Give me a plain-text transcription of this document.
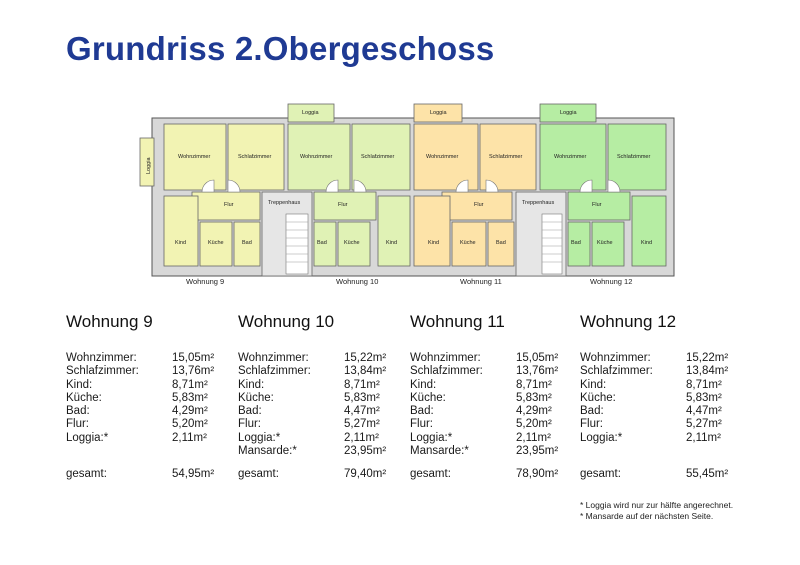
Grundriss 2.Obergeschoss
Wohnzimmer	Schlafzimmer
Flur
Kind	Küche	Bad
Loggia
Treppenhaus
Loggia
Wohnzimmer	Schlafzimmer
Flur
Bad	Küche	Kind
Loggia
Wohnzimmer	Schlafzimmer
Flur
Kind	Küche	Bad
Treppenhaus
Loggia
Wohnzimmer	Schlafzimmer
Flur
Bad	Küche	Kind
Wohnung 9	Wohnung 10	Wohnung 11	Wohnung 12
Wohnung 9
Wohnzimmer:	15,05m²
Schlafzimmer:	13,76m²
Kind:	8,71m²
Küche:	5,83m²
Bad:	4,29m²
Flur:	5,20m²
Loggia:*	2,11m²
gesamt:	54,95m²
Wohnung 10
Wohnzimmer:	15,22m²
Schlafzimmer:	13,84m²
Kind:	8,71m²
Küche:	5,83m²
Bad:	4,47m²
Flur:	5,27m²
Loggia:*	2,11m²
Mansarde:*	23,95m²
gesamt:	79,40m²
Wohnung 11
Wohnzimmer:	15,05m²
Schlafzimmer:	13,76m²
Kind:	8,71m²
Küche:	5,83m²
Bad:	4,29m²
Flur:	5,20m²
Loggia:*	2,11m²
Mansarde:*	23,95m²
gesamt:	78,90m²
Wohnung 12
Wohnzimmer:	15,22m²
Schlafzimmer:	13,84m²
Kind:	8,71m²
Küche:	5,83m²
Bad:	4,47m²
Flur:	5,27m²
Loggia:*	2,11m²
gesamt:	55,45m²
* Loggia wird nur zur hälfte angerechnet.
* Mansarde auf der nächsten Seite.
